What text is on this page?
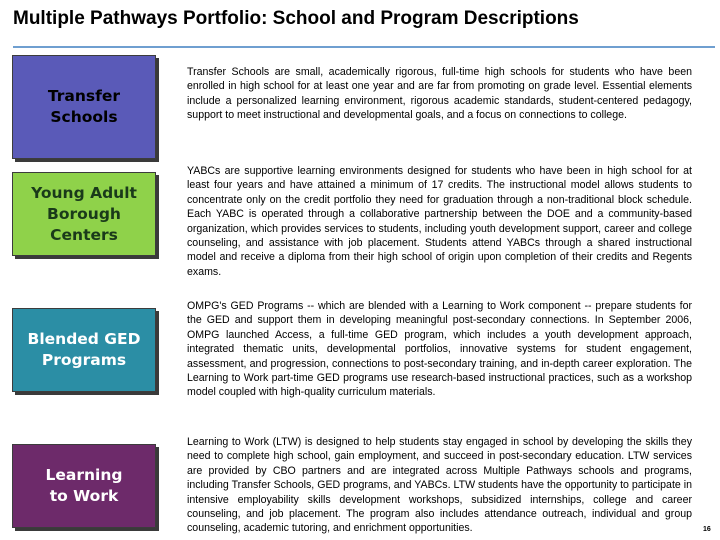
Multiple Pathways Portfolio: School and Program Descriptions
Transfer Schools

Transfer Schools are small, academically rigorous, full-time high schools for students who have been enrolled in high school for at least one year and are far from promoting on grade level. Essential elements include a personalized learning environment, rigorous academic standards, student-centered pedagogy, support to meet instructional and developmental goals, and a focus on connections to college.

Young Adult Borough Centers

YABCs are supportive learning environments designed for students who have been in high school for at least four years and have attained a minimum of 17 credits. The instructional model allows students to concentrate only on the credit portfolio they need for graduation through a non-traditional block schedule. Each YABC is operated through a collaborative partnership between the DOE and a community-based organization, which provides services to students, including youth development support, career and college counseling, and assistance with job placement. Students attend YABCs through a shared instructional model and receive a diploma from their high school of origin upon completion of their credits and Regents exams.

Blended GED Programs

OMPG's GED Programs -- which are blended with a Learning to Work component -- prepare students for the GED and support them in developing meaningful post-secondary connections. In September 2006, OMPG launched Access, a full-time GED program, which includes a youth development approach, integrated thematic units, developmental portfolios, innovative systems for student engagement, assessment, and progression, connections to post-secondary training, and in-depth career exploration. The Learning to Work part-time GED programs use research-based instructional practices, such as a workshop model coupled with high-quality curriculum materials.

Learning to Work

Learning to Work (LTW) is designed to help students stay engaged in school by developing the skills they need to complete high school, gain employment, and succeed in post-secondary education. LTW services are provided by CBO partners and are integrated across Multiple Pathways schools and programs, including Transfer Schools, GED programs, and YABCs. LTW students have the opportunity to participate in intensive employability skills development workshops, subsidized internships, college and career counseling, and job placement. The program also includes attendance outreach, individual and group counseling, academic tutoring, and enrichment opportunities.	16
